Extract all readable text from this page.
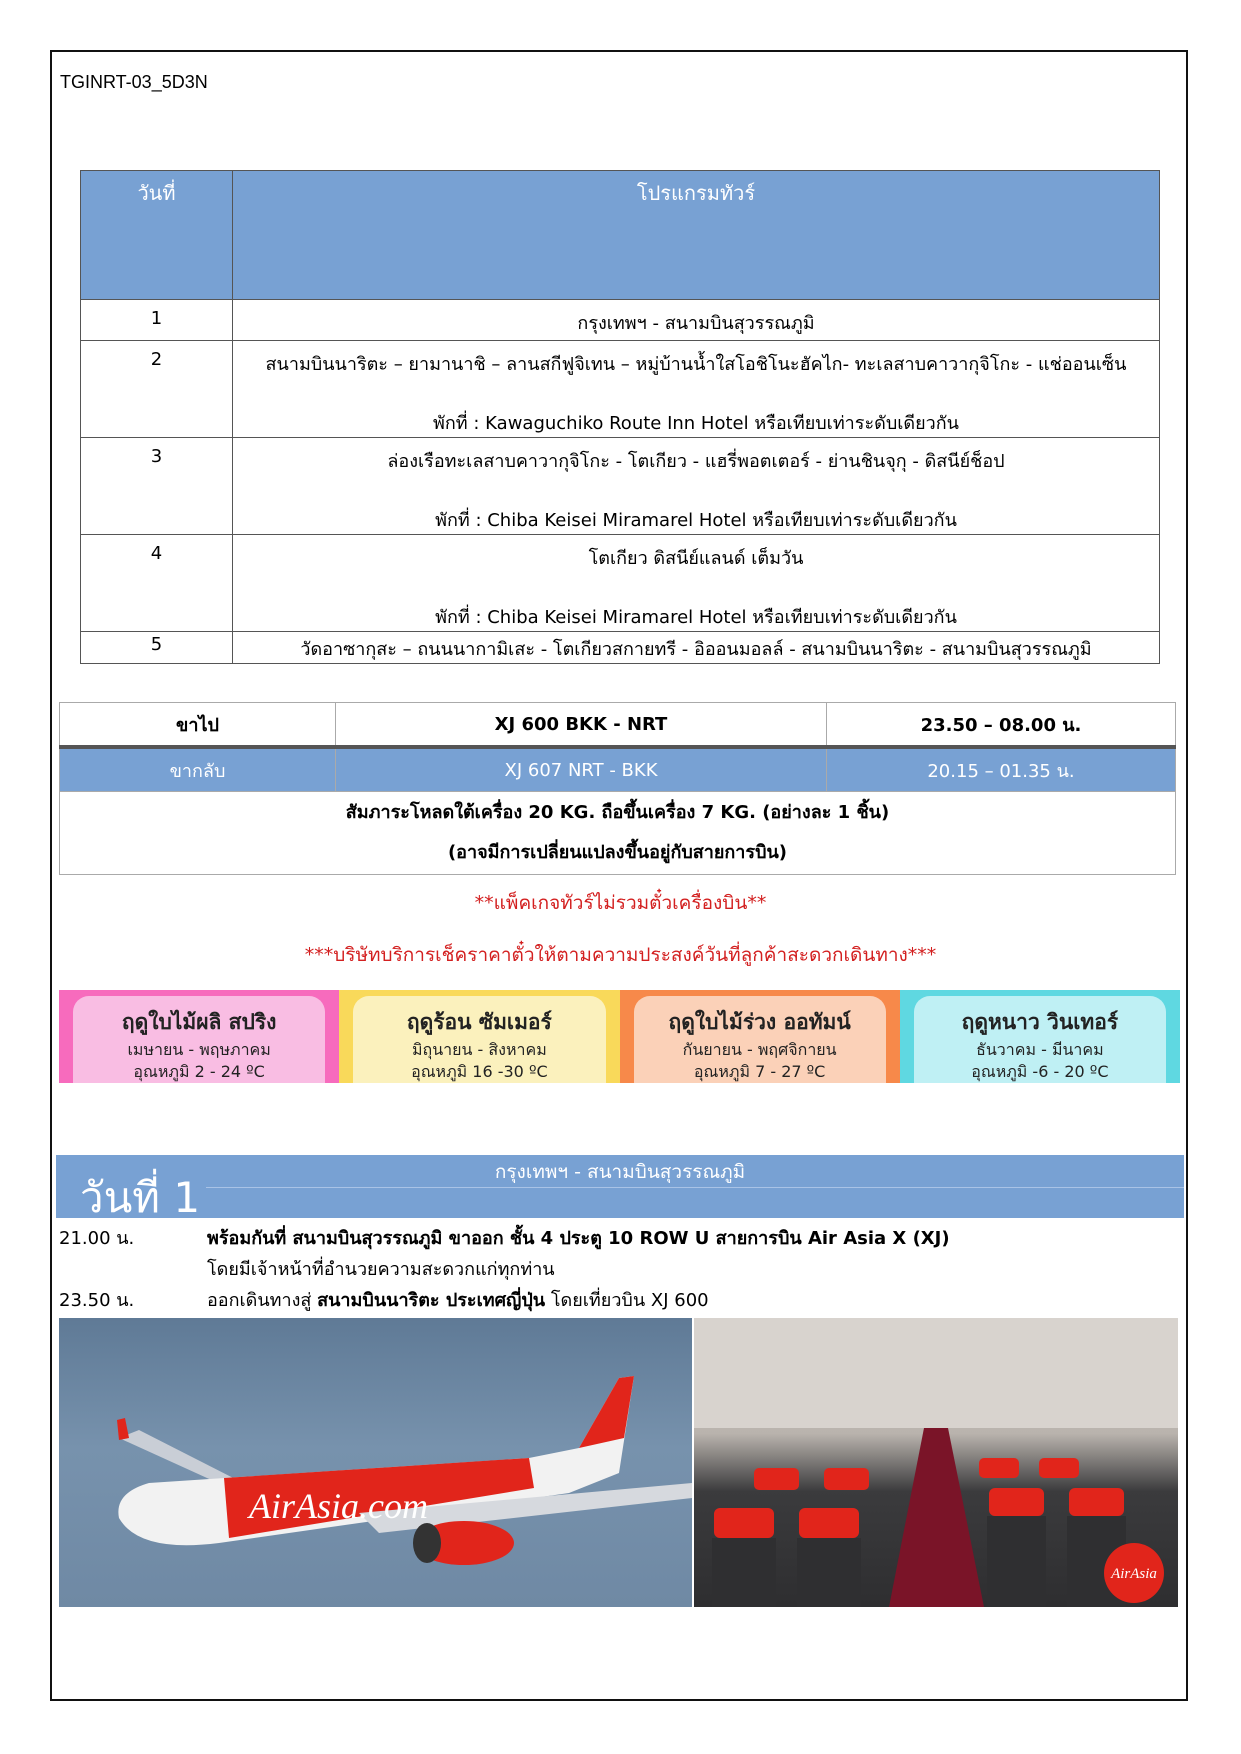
TGINRT-03_5D3N
วันที่	โปรแกรมทัวร์
1	กรุงเทพฯ - สนามบินสุวรรณภูมิ
2	สนามบินนาริตะ – ยามานาชิ – ลานสกีฟูจิเทน – หมู่บ้านน้ำใสโอชิโนะฮัคไก- ทะเลสาบคาวากุจิโกะ - แช่ออนเซ็น
พักที่ : Kawaguchiko Route Inn Hotel หรือเทียบเท่าระดับเดียวกัน

3	ล่องเรือทะเลสาบคาวากุจิโกะ - โตเกียว - แฮรี่พอตเตอร์ - ย่านชินจุกุ - ดิสนีย์ช็อป
พักที่ : Chiba Keisei Miramarel Hotel หรือเทียบเท่าระดับเดียวกัน

4	โตเกียว ดิสนีย์แลนด์ เต็มวัน
พักที่ : Chiba Keisei Miramarel Hotel หรือเทียบเท่าระดับเดียวกัน

5	วัดอาซากุสะ – ถนนนากามิเสะ - โตเกียวสกายทรี - อิออนมอลล์ - สนามบินนาริตะ - สนามบินสุวรรณภูมิ
ขาไป	XJ 600 BKK - NRT	23.50 – 08.00 น.
ขากลับ	XJ 607 NRT - BKK	20.15 – 01.35 น.

สัมภาระโหลดใต้เครื่อง 20 KG. ถือขึ้นเครื่อง 7 KG. (อย่างละ 1 ชิ้น)
(อาจมีการเปลี่ยนแปลงขึ้นอยู่กับสายการบิน)		
**แพ็คเกจทัวร์ไม่รวมตั๋วเครื่องบิน**
***บริษัทบริการเช็คราคาตั๋วให้ตามความประสงค์วันที่ลูกค้าสะดวกเดินทาง***
ฤดูใบไม้ผลิ สปริง
เมษายน - พฤษภาคม
อุณหภูมิ 2 - 24 ºC
ฤดูร้อน ซัมเมอร์
มิถุนายน - สิงหาคม
อุณหภูมิ 16 -30 ºC
ฤดูใบไม้ร่วง ออทัมน์
กันยายน - พฤศจิกายน
อุณหภูมิ 7 - 27 ºC
ฤดูหนาว วินเทอร์
ธันวาคม - มีนาคม
อุณหภูมิ -6 - 20 ºC
วันที่ 1
กรุงเทพฯ - สนามบินสุวรรณภูมิ
21.00 น.	พร้อมกันที่ สนามบินสุวรรณภูมิ ขาออก ชั้น 4 ประตู 10 ROW U สายการบิน Air Asia X (XJ)
โดยมีเจ้าหน้าที่อำนวยความสะดวกแก่ทุกท่าน
23.50 น.	ออกเดินทางสู่ สนามบินนาริตะ ประเทศญี่ปุ่น โดยเที่ยวบิน XJ 600
AirAsia.com
AirAsia
